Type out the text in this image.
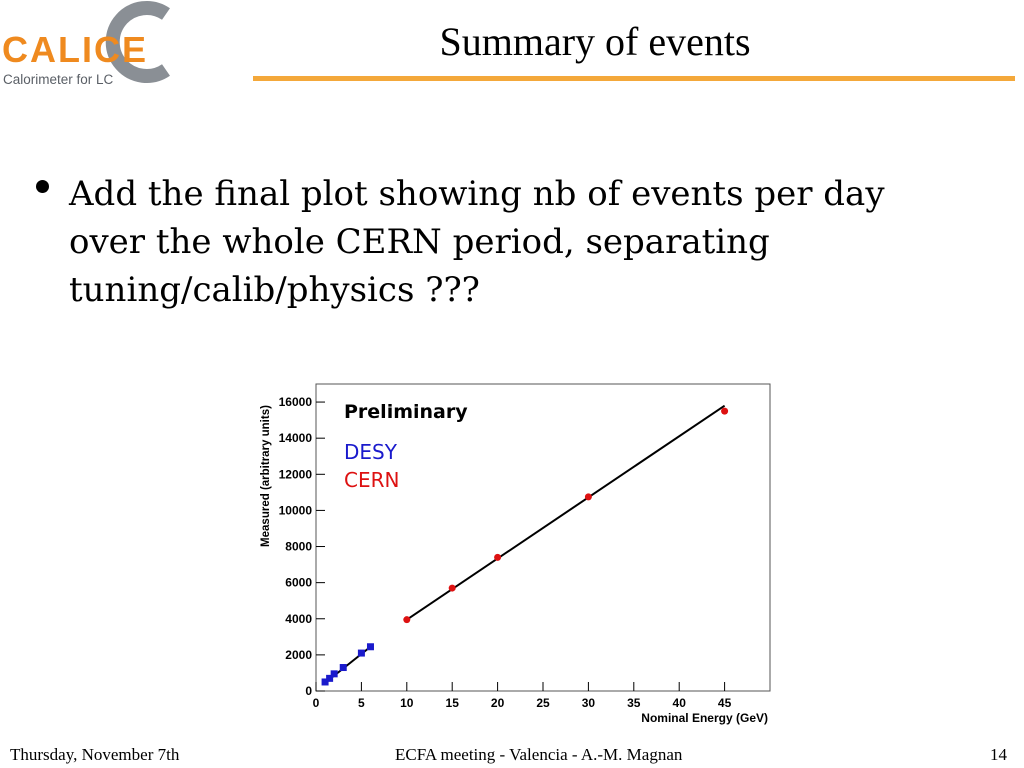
CALICE
Calorimeter for LC
Summary of events
Add the final plot showing nb of events per day over the whole CERN period, separating tuning/calib/physics ???
0
2000
4000
6000
8000
10000
12000
14000
16000
0	5	10	15	20	25	30	35	40	45
Measured (arbitrary units)
Nominal Energy (GeV)
Preliminary
DESY
CERN
Thursday, November 7th	ECFA meeting - Valencia - A.-M. Magnan	14
